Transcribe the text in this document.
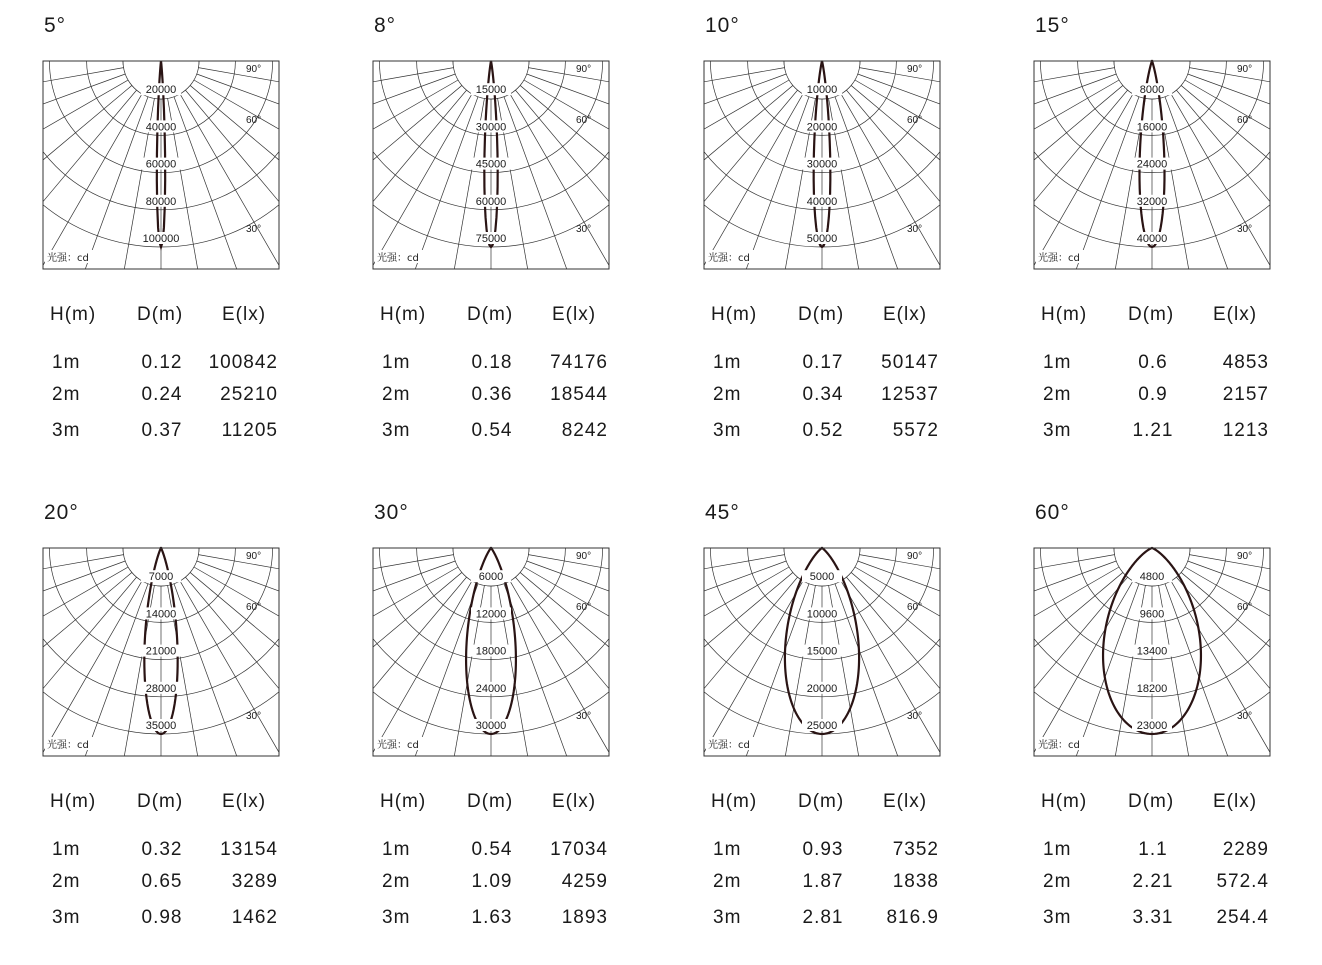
5°
20000
40000
60000
80000
100000
90°
60°
30°
光强：cd
H(m) D(m) E(lx)
1m	0.12	100842
2m	0.24	25210
3m	0.37	11205
8°
15000
30000
45000
60000
75000
90°
60°
30°
光强：cd
H(m) D(m) E(lx)
1m	0.18	74176
2m	0.36	18544
3m	0.54	8242
10°
10000
20000
30000
40000
50000
90°
60°
30°
光强：cd
H(m) D(m) E(lx)
1m	0.17	50147
2m	0.34	12537
3m	0.52	5572
15°
8000
16000
24000
32000
40000
90°
60°
30°
光强：cd
H(m) D(m) E(lx)
1m	0.6	4853
2m	0.9	2157
3m	1.21	1213
20°
7000
14000
21000
28000
35000
90°
60°
30°
光强：cd
H(m) D(m) E(lx)
1m	0.32	13154
2m	0.65	3289
3m	0.98	1462
30°
6000
12000
18000
24000
30000
90°
60°
30°
光强：cd
H(m) D(m) E(lx)
1m	0.54	17034
2m	1.09	4259
3m	1.63	1893
45°
5000
10000
15000
20000
25000
90°
60°
30°
光强：cd
H(m) D(m) E(lx)
1m	0.93	7352
2m	1.87	1838
3m	2.81	816.9
60°
4800
9600
13400
18200
23000
90°
60°
30°
光强：cd
H(m) D(m) E(lx)
1m	1.1	2289
2m	2.21	572.4
3m	3.31	254.4
